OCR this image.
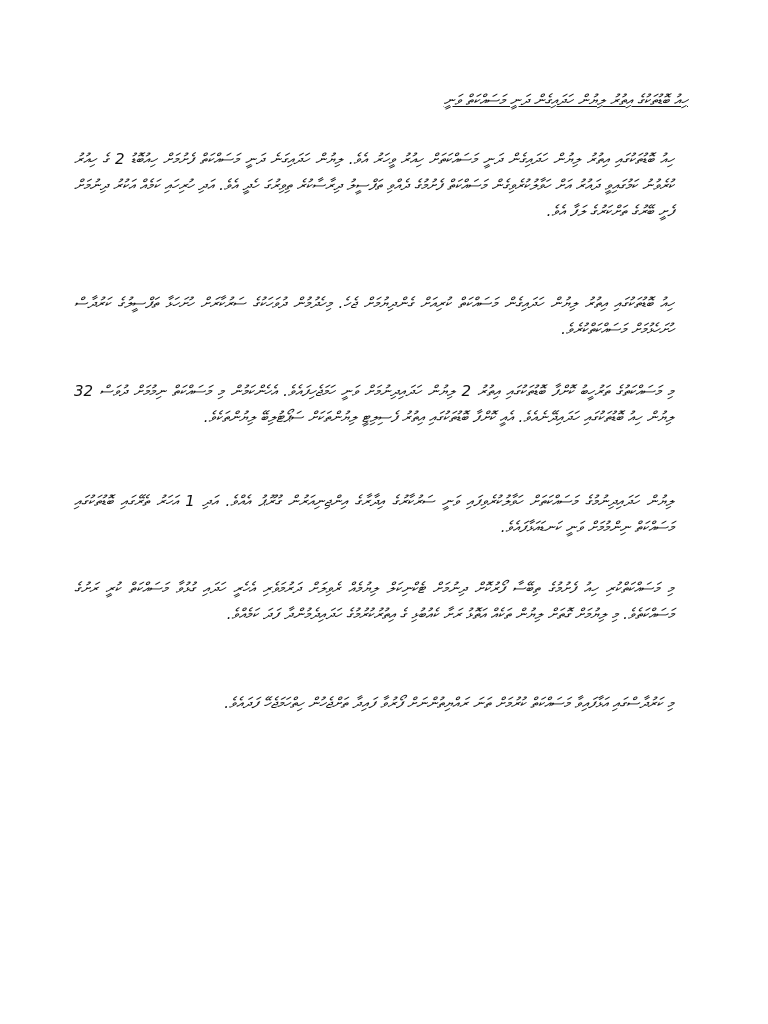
ހިއު ބޮޑުތަކުގެ އިތުރު ލިޔުން ހަދައިގެން ދަނީ މަސައްކަތް ވަނީ
ހިއު ބޮޑުތަކުގައި އިތުރު ލިޔުން ހަދައިގެން ދަނީ މަސައްކަތަށް ހިއުރު ވީހަރު އެވެ. ލިޔުން ހަދައިގަނެ ދަނީ މަސައްކަތް ފެށުމަށް ހިއުބޮޑު 2 ގެ ހިއުރު ކުރެވުނު ކަމުގައިވީ ދައުރު އަށް ހަވާލުކުރެވިގެން މަސައްކަތް ފެށުމުގެ ދެއްވި ތަފްސީލު ދިރާސާކުރެ ތިވިރުގަ ހެދީ އެވެ. އަދި ހުރިހައި ކަމެއް އަކުރު ދިނުމަށް ފެށީ ބޭރުގެ ތަށްކަރުގެ ލަފާ އެވެ.
ހިއު ބޮޑުތަކުގައި އިތުރު ލިޔުން ހަދައިގެން މަސައްކަތް ކުރިއަށް ގެންދިޔުމަށް ޖެހެ. މިހެދުމުން ދުވަހަކުގެ ސަރުކާރަށް ހުށަހަޅާ ތަފްސީލުގެ ކަރުދާސް ހުށަހެޅުމަށް މަސައްކަތްކުރެވެ.
މި މަސައްކަތުގެ ތަރުހީބު ކޮށްފާ ބޮޑުތަކުގައި އިތުރު 2 ލިޔުން ހަދައިދިނުމަށް ވަނީ ހަމަޖެހިފައެވެ. އެހެންކަމުން މި މަސައްކަތް ނިމުމަށް ދުވަސް 32 ލިޔުން ހިއު ބޮޑުތަކުގައި ހަދައިދޭނެއެވެ. އެއީ ކޮށްފާ ބޮޑުތަކުގައި އިތުރު ފެސިލިޓީ ލިޔުންތަކަށް ސަޕޯޓުލިބޭ ލިޔުންތަކެވެ.
ލިޔުން ހަދައިދިނުމުގެ މަސައްކަތަށް ހަވާލުކުރެވިފައި ވަނީ ސަރުކާރުގެ އިދާރާގެ އިންޖިނިއަރުން ގުރޫޕު އެއްވެ. އަދި 1 އަހަރު ތެރޭގައި ބޮޑުތަކުގައި މަސައްކަތް ނިންމުމަށް ވަނީ ކަނޑައަޅާފައެވެ.
މި މަސައްކަތްކުރި ހިއު ފެށުމުގެ ތިބޭސާ ފޯރުކޮށް ދިނުމަށް ޓެކްނިކަލް ލިޔުމެއް ރެވިލަށް ދަރުމަވެރި އެހެރީ ހަދައި ގުޅުވާ މަސައްކަތް ކުރީ ރަށުގެ މަސައްކަތެވެ. މި ލިޔުމަށް ގޮތަށް ލިޔުން ތަކެއް އަތޮޅު ރަށާ ކެއުބުޅި ގެ އިތުރުކުރުމުގެ ހަދައިދެމުންދާ ފަދަ ކަމެއްވެ.
މި ކަރުދާސްގައި އަޅާފައިވާ މަސައްކަތް ކުރުމަށް ތަނަ ރައްޔިތުންނަށް ފޯރުވާ ފައިދާ ތަށްޖެހުން ހިތްހަމަޖެހޭ ފަދައެވެ.
